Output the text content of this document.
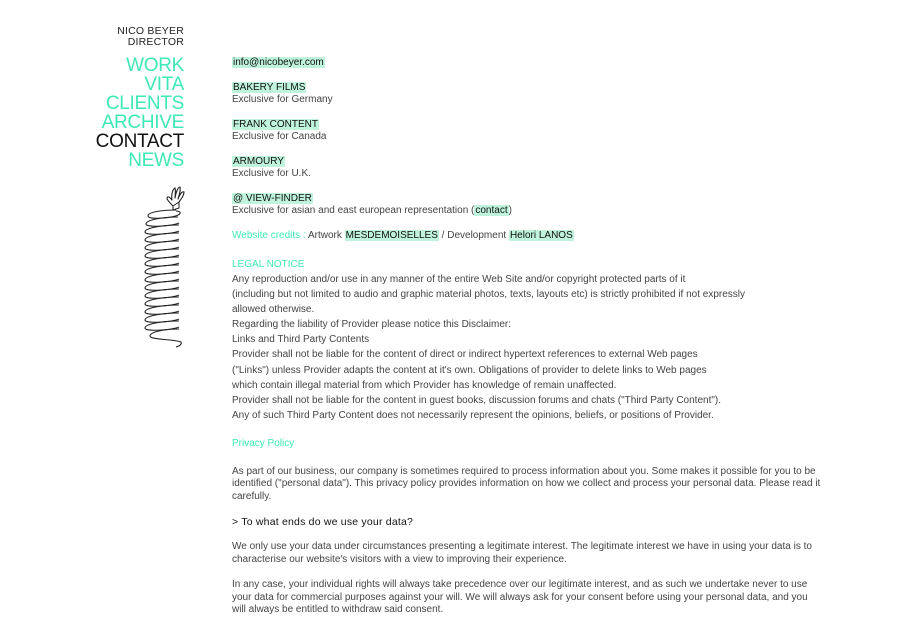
NICO BEYER
DIRECTOR
WORK
VITA
CLIENTS
ARCHIVE
CONTACT
NEWS
info@nicobeyer.com
BAKERY FILMS
Exclusive for Germany
FRANK CONTENT
Exclusive for Canada
ARMOURY
Exclusive for U.K.
@ VIEW-FINDER
Exclusive for asian and east european representation (contact)
Website credits : Artwork MESDEMOISELLES / Development Helori LANOS
LEGAL NOTICE

Any reproduction and/or use in any manner of the entire Web Site and/or copyright protected parts of it

(including but not limited to audio and graphic material photos, texts, layouts etc) is strictly prohibited if not expressly

allowed otherwise.

Regarding the liability of Provider please notice this Disclaimer:

Links and Third Party Contents

Provider shall not be liable for the content of direct or indirect hypertext references to external Web pages

("Links") unless Provider adapts the content at it's own. Obligations of provider to delete links to Web pages

which contain illegal material from which Provider has knowledge of remain unaffected.

Provider shall not be liable for the content in guest books, discussion forums and chats ("Third Party Content").

Any of such Third Party Content does not necessarily represent the opinions, beliefs, or positions of Provider.

Privacy Policy

As part of our business, our company is sometimes required to process information about you. Some makes it possible for you to be identified ("personal data"). This privacy policy provides information on how we collect and process your personal data. Please read it carefully.

> To what ends do we use your data?

We only use your data under circumstances presenting a legitimate interest. The legitimate interest we have in using your data is to characterise our website's visitors with a view to improving their experience.

In any case, your individual rights will always take precedence over our legitimate interest, and as such we undertake never to use your data for commercial purposes against your will. We will always ask for your consent before using your personal data, and you will always be entitled to withdraw said consent.
